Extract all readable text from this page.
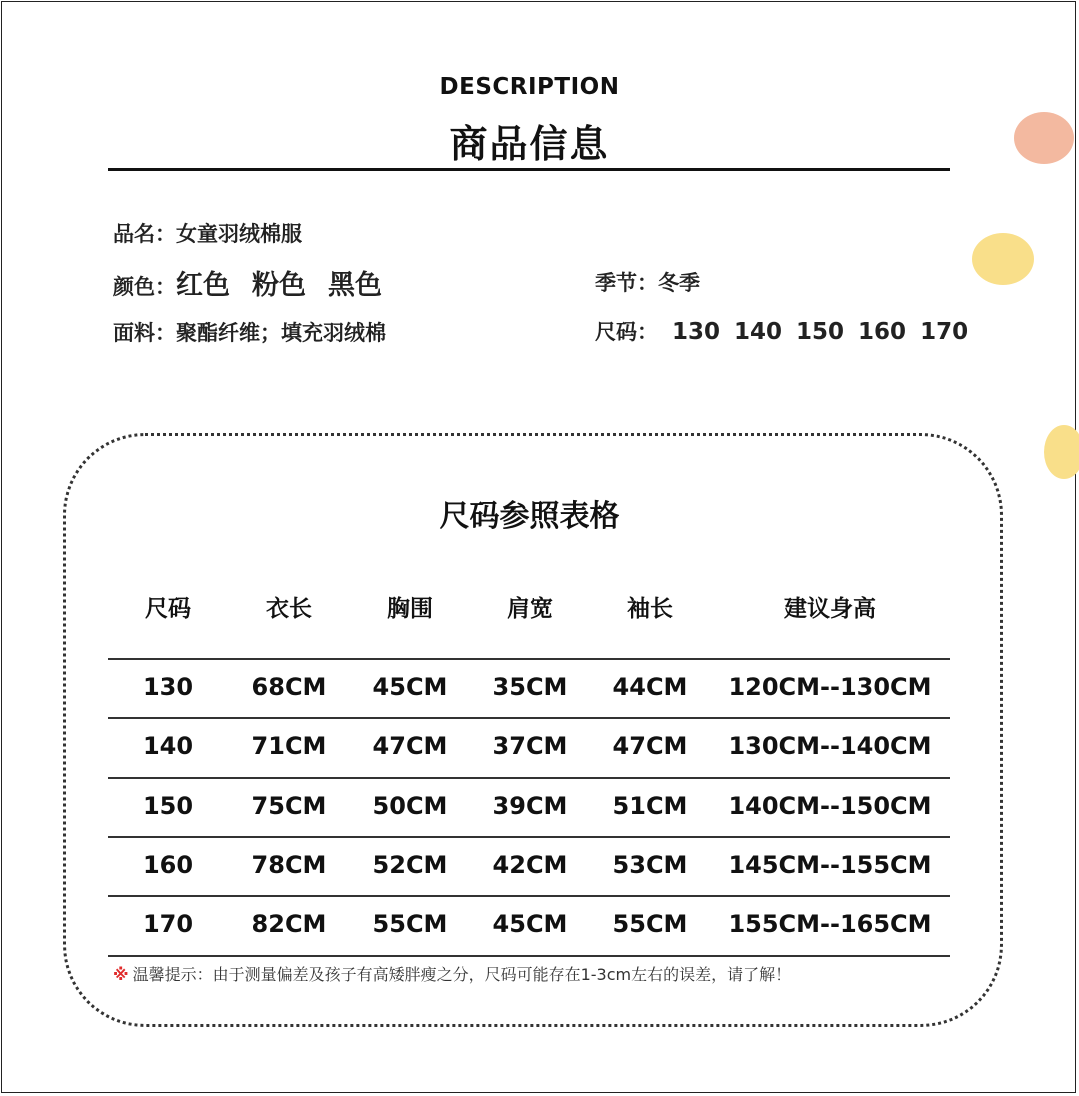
DESCRIPTION
商品信息
品名：女童羽绒棉服
颜色：红色 粉色 黑色
面料：聚酯纤维；填充羽绒棉
季节：冬季
尺码： 130 140 150 160 170
尺码参照表格
尺码	衣长	胸围	肩宽	袖长	建议身高
130 68CM 45CM 35CM 44CM 120CM--130CM
140 71CM 47CM 37CM 47CM 130CM--140CM
150 75CM 50CM 39CM 51CM 140CM--150CM
160 78CM 52CM 42CM 53CM 145CM--155CM
170 82CM 55CM 45CM 55CM 155CM--165CM
※ 温馨提示：由于测量偏差及孩子有高矮胖瘦之分，尺码可能存在1-3cm左右的误差，请了解！
